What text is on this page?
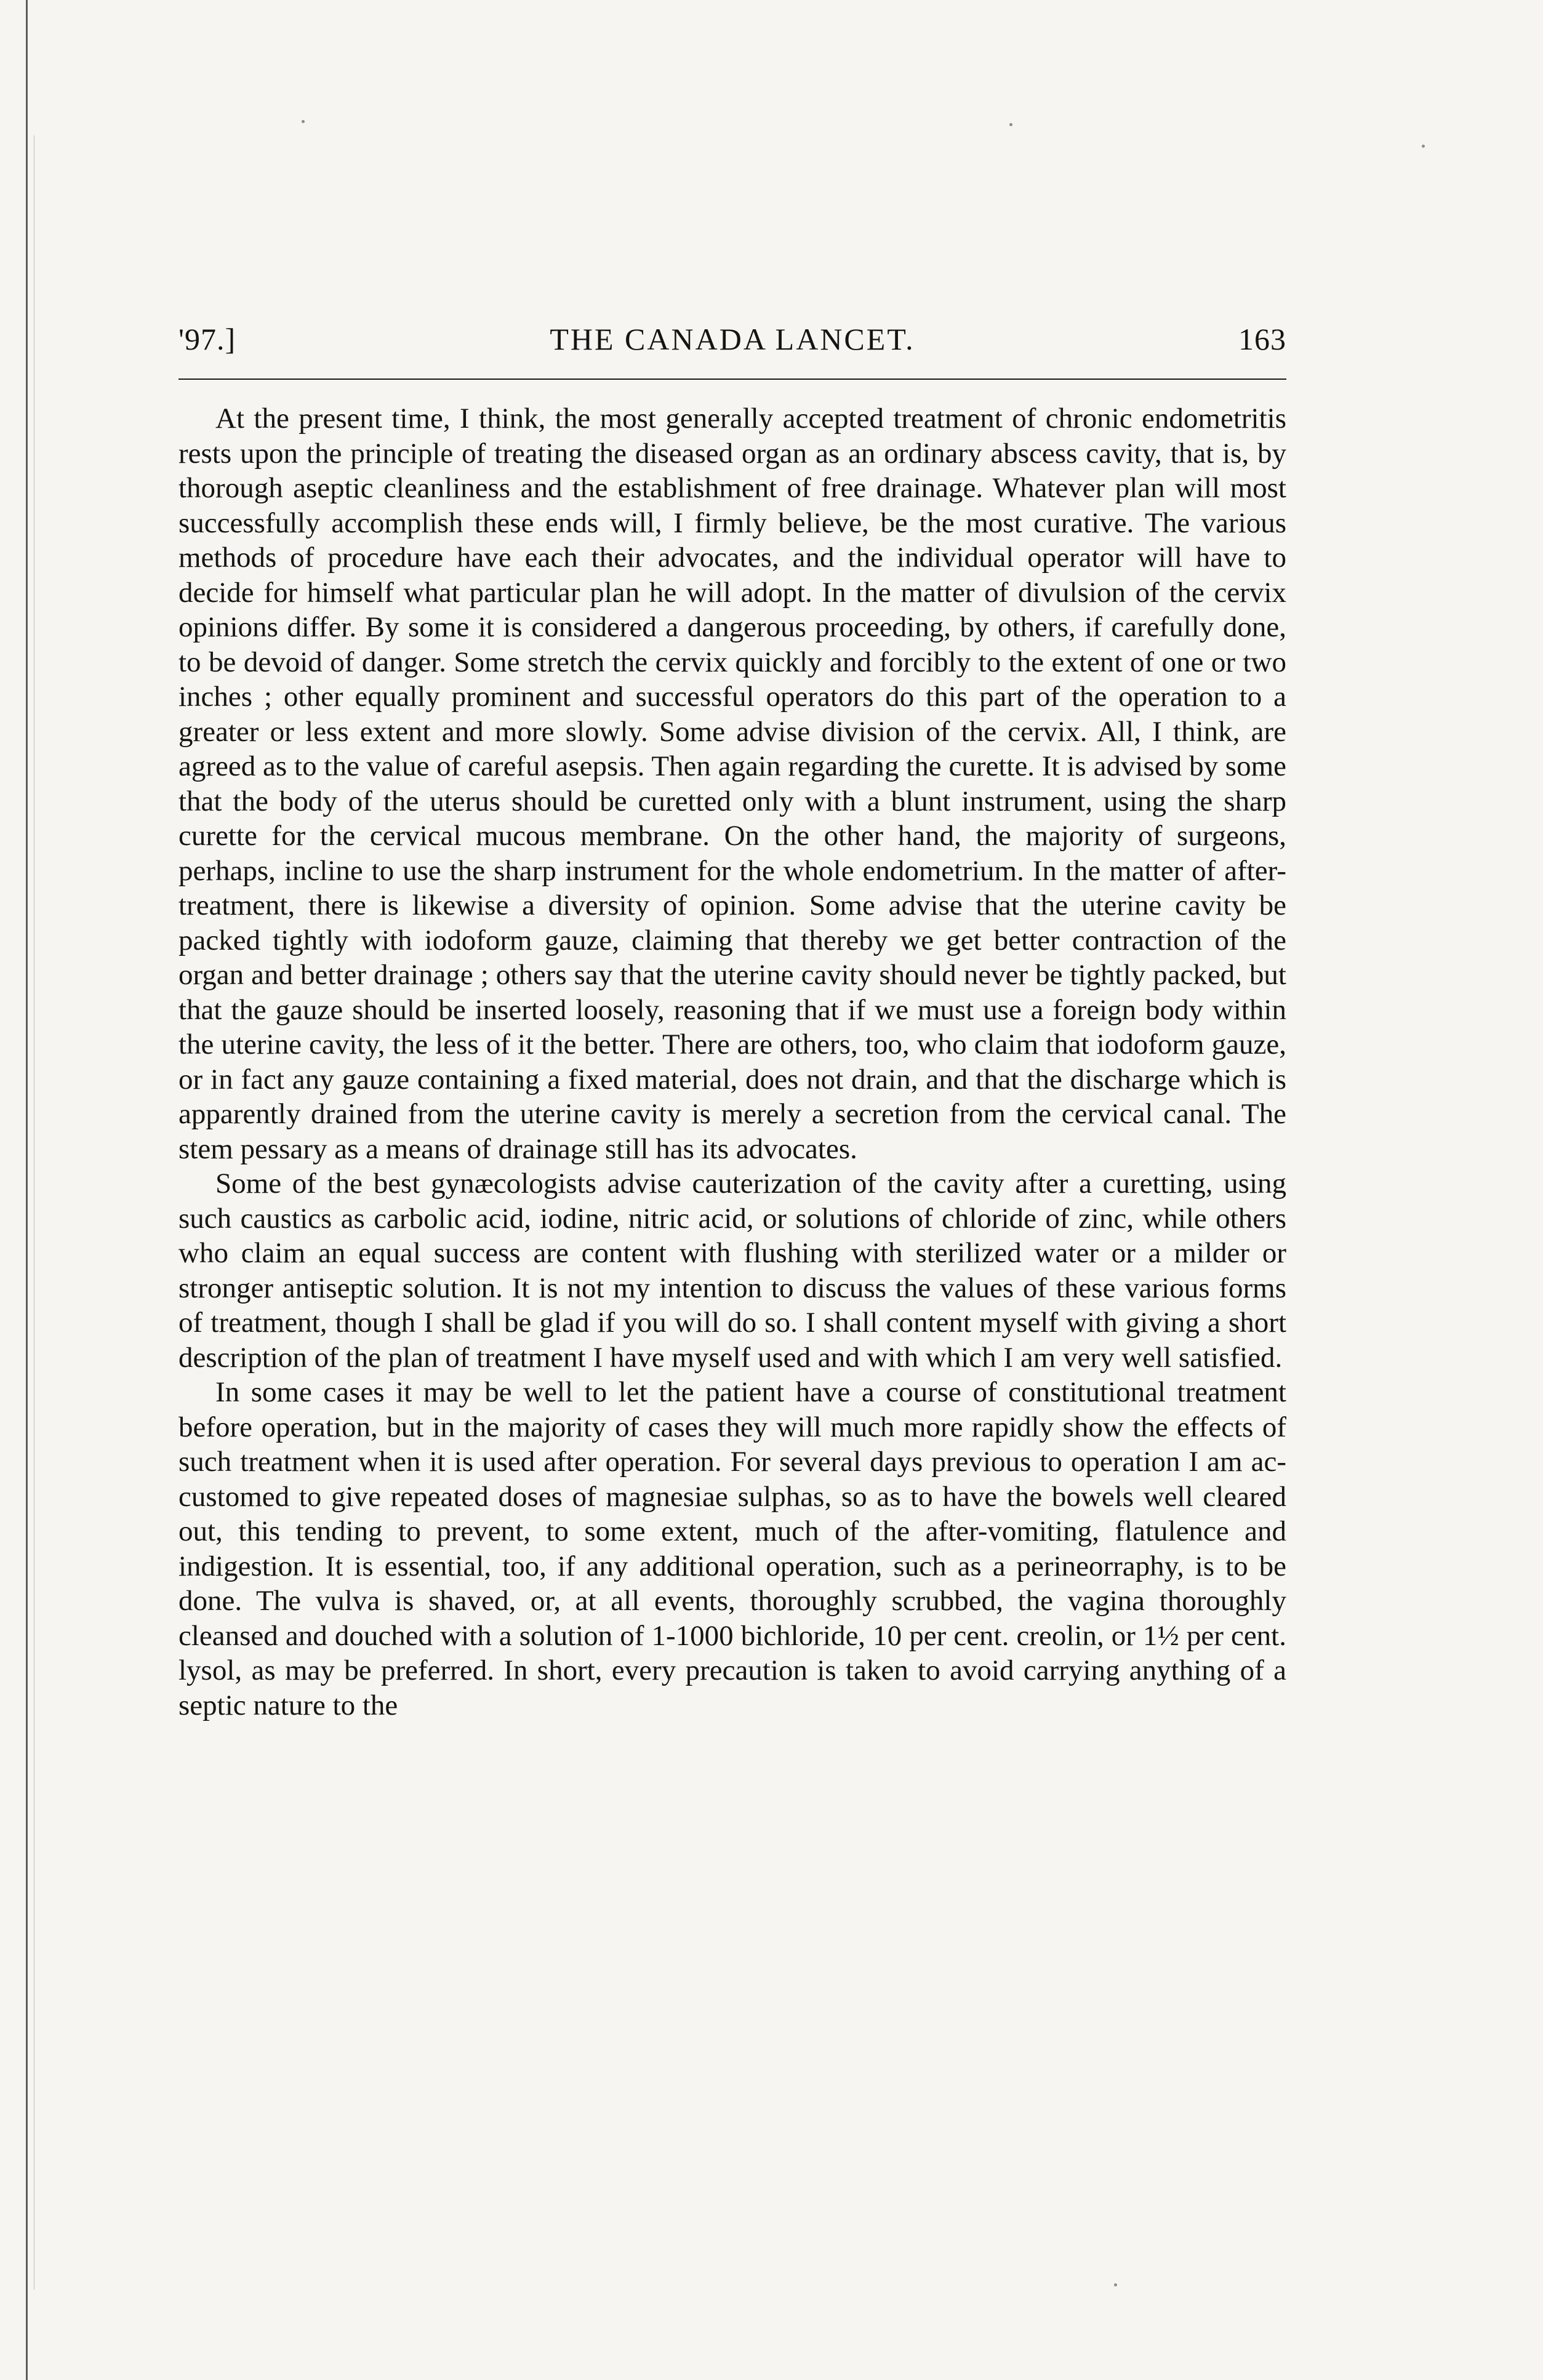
'97.]	THE CANADA LANCET.	163

At the present time, I think, the most generally accepted treatment of chronic endometritis rests upon the principle of treating the diseased organ as an ordinary abscess cavity, that is, by thorough aseptic cleanliness and the establishment of free drainage. Whatever plan will most successfully accomplish these ends will, I firmly believe, be the most curative. The various methods of procedure have each their advocates, and the individual operator will have to decide for himself what particular plan he will adopt. In the matter of divulsion of the cervix opinions differ. By some it is considered a dangerous proceeding, by others, if carefully done, to be devoid of danger. Some stretch the cervix quickly and forcibly to the extent of one or two inches ; other equally prominent and successful operators do this part of the operation to a greater or less extent and more slowly. Some advise division of the cervix. All, I think, are agreed as to the value of careful asepsis. Then again regarding the curette. It is advised by some that the body of the uterus should be curetted only with a blunt instrument, using the sharp curette for the cervical mucous membrane. On the other hand, the majority of surgeons, perhaps, incline to use the sharp instrument for the whole endometrium. In the matter of after-treatment, there is likewise a diversity of opinion. Some advise that the uterine cavity be packed tightly with iodoform gauze, claiming that thereby we get better contraction of the organ and better drainage ; others say that the uterine cavity should never be tightly packed, but that the gauze should be inserted loosely, reasoning that if we must use a foreign body within the uterine cavity, the less of it the better. There are others, too, who claim that iodoform gauze, or in fact any gauze containing a fixed material, does not drain, and that the discharge which is apparently drained from the uterine cavity is merely a secretion from the cervical canal. The stem pessary as a means of drainage still has its advocates.

Some of the best gynæcologists advise cauterization of the cavity after a curetting, using such caustics as carbolic acid, iodine, nitric acid, or solutions of chloride of zinc, while others who claim an equal success are content with flushing with sterilized water or a milder or stronger antiseptic solution. It is not my intention to discuss the values of these various forms of treatment, though I shall be glad if you will do so. I shall content myself with giving a short description of the plan of treatment I have myself used and with which I am very well satisfied.

In some cases it may be well to let the patient have a course of constitutional treatment before operation, but in the majority of cases they will much more rapidly show the effects of such treatment when it is used after operation. For several days previous to operation I am accustomed to give repeated doses of magnesiae sulphas, so as to have the bowels well cleared out, this tending to prevent, to some extent, much of the after-vomiting, flatulence and indigestion. It is essential, too, if any additional operation, such as a perineorraphy, is to be done. The vulva is shaved, or, at all events, thoroughly scrubbed, the vagina thoroughly cleansed and douched with a solution of 1-1000 bichloride, 10 per cent. creolin, or 1½ per cent. lysol, as may be preferred. In short, every precaution is taken to avoid carrying anything of a septic nature to the
